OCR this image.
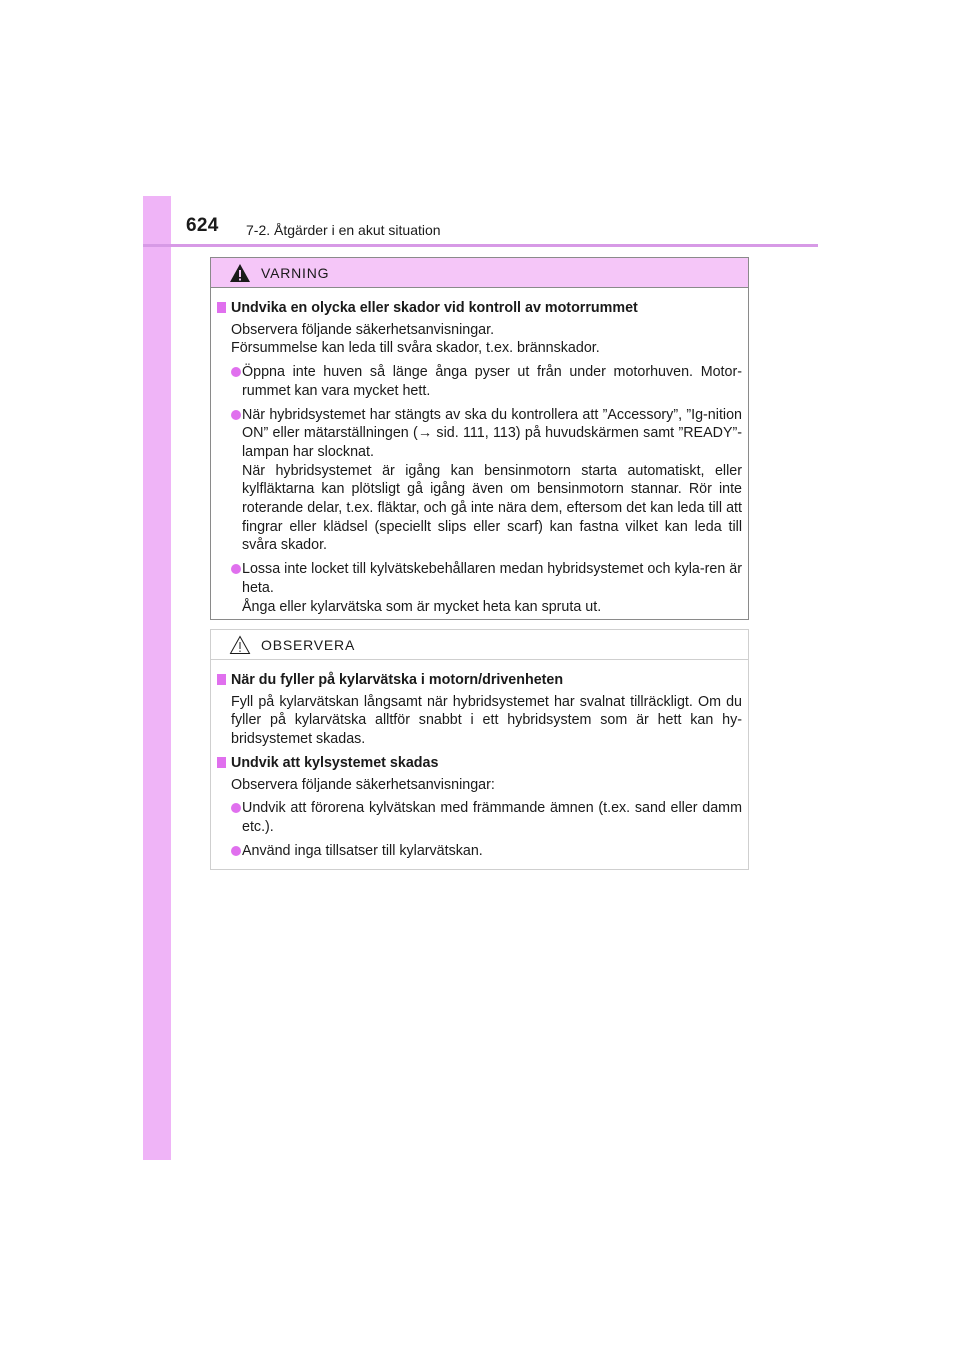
624 7-2. Åtgärder i en akut situation
VARNING
Undvika en olycka eller skador vid kontroll av motorrummet
Observera följande säkerhetsanvisningar.
Försummelse kan leda till svåra skador, t.ex. brännskador.
Öppna inte huven så länge ånga pyser ut från under motorhuven. Motor-rummet kan vara mycket hett.
När hybridsystemet har stängts av ska du kontrollera att ”Accessory”, ”Ig-nition ON” eller mätarställningen (→ sid. 111, 113) på huvudskärmen samt ”READY”-lampan har slocknat.
När hybridsystemet är igång kan bensinmotorn starta automatiskt, eller kylfläktarna kan plötsligt gå igång även om bensinmotorn stannar. Rör inte roterande delar, t.ex. fläktar, och gå inte nära dem, eftersom det kan leda till att fingrar eller klädsel (speciellt slips eller scarf) kan fastna vilket kan leda till svåra skador.
Lossa inte locket till kylvätskebehållaren medan hybridsystemet och kyla-ren är heta.
Ånga eller kylarvätska som är mycket heta kan spruta ut.
OBSERVERA
När du fyller på kylarvätska i motorn/drivenheten
Fyll på kylarvätskan långsamt när hybridsystemet har svalnat tillräckligt. Om du fyller på kylarvätska alltför snabbt i ett hybridsystem som är hett kan hy-bridsystemet skadas.
Undvik att kylsystemet skadas
Observera följande säkerhetsanvisningar:
Undvik att förorena kylvätskan med främmande ämnen (t.ex. sand eller damm etc.).
Använd inga tillsatser till kylarvätskan.
